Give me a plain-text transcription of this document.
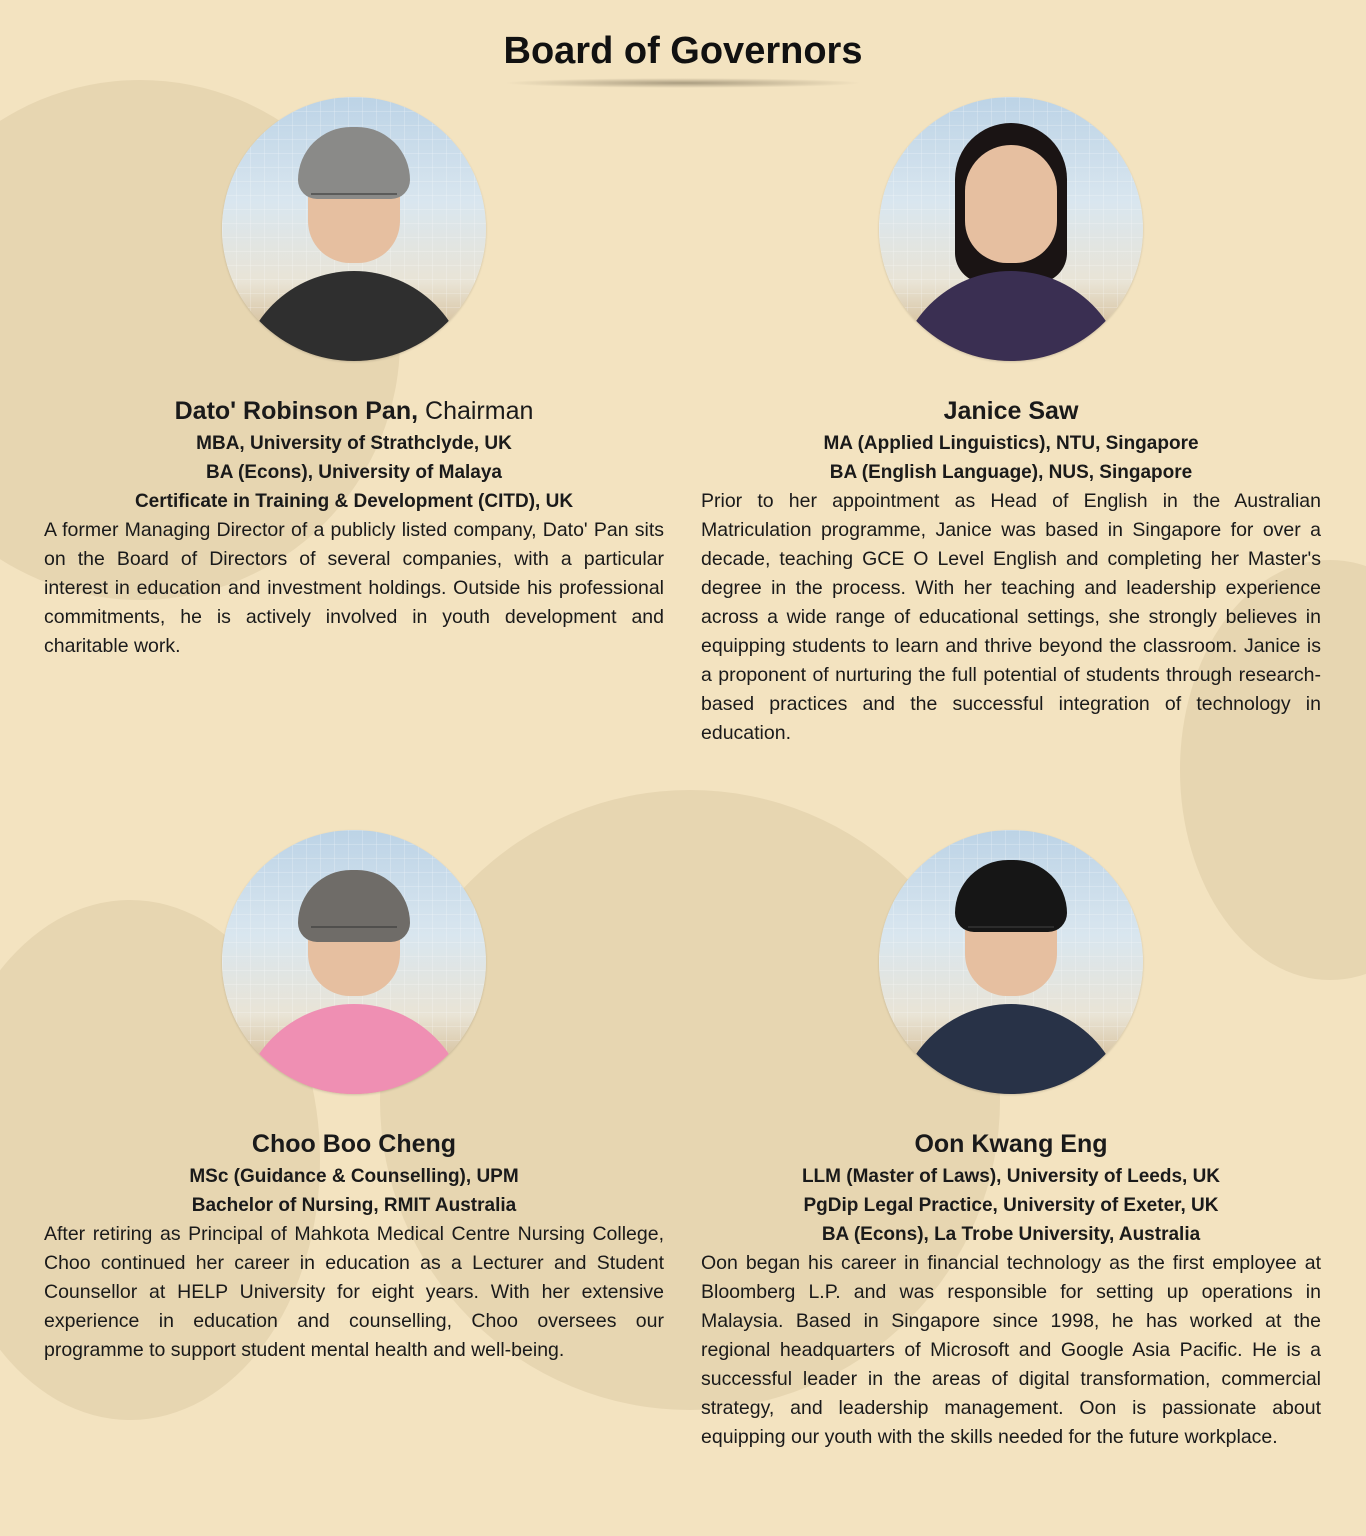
Board of Governors
Dato' Robinson Pan, Chairman
MBA, University of Strathclyde, UK
BA (Econs), University of Malaya
Certificate in Training & Development (CITD), UK

A former Managing Director of a publicly listed company, Dato' Pan sits on the Board of Directors of several companies, with a particular interest in education and investment holdings. Outside his professional commitments, he is actively involved in youth development and charitable work.

Janice Saw
MA (Applied Linguistics), NTU, Singapore
BA (English Language), NUS, Singapore

Prior to her appointment as Head of English in the Australian Matriculation programme, Janice was based in Singapore for over a decade, teaching GCE O Level English and completing her Master's degree in the process. With her teaching and leadership experience across a wide range of educational settings, she strongly believes in equipping students to learn and thrive beyond the classroom. Janice is a proponent of nurturing the full potential of students through research-based practices and the successful integration of technology in education.

Choo Boo Cheng
MSc (Guidance & Counselling), UPM
Bachelor of Nursing, RMIT Australia

After retiring as Principal of Mahkota Medical Centre Nursing College, Choo continued her career in education as a Lecturer and Student Counsellor at HELP University for eight years. With her extensive experience in education and counselling, Choo oversees our programme to support student mental health and well-being.

Oon Kwang Eng
LLM (Master of Laws), University of Leeds, UK
PgDip Legal Practice, University of Exeter, UK
BA (Econs), La Trobe University, Australia

Oon began his career in financial technology as the first employee at Bloomberg L.P. and was responsible for setting up operations in Malaysia. Based in Singapore since 1998, he has worked at the regional headquarters of Microsoft and Google Asia Pacific. He is a successful leader in the areas of digital transformation, commercial strategy, and leadership management. Oon is passionate about equipping our youth with the skills needed for the future workplace.
